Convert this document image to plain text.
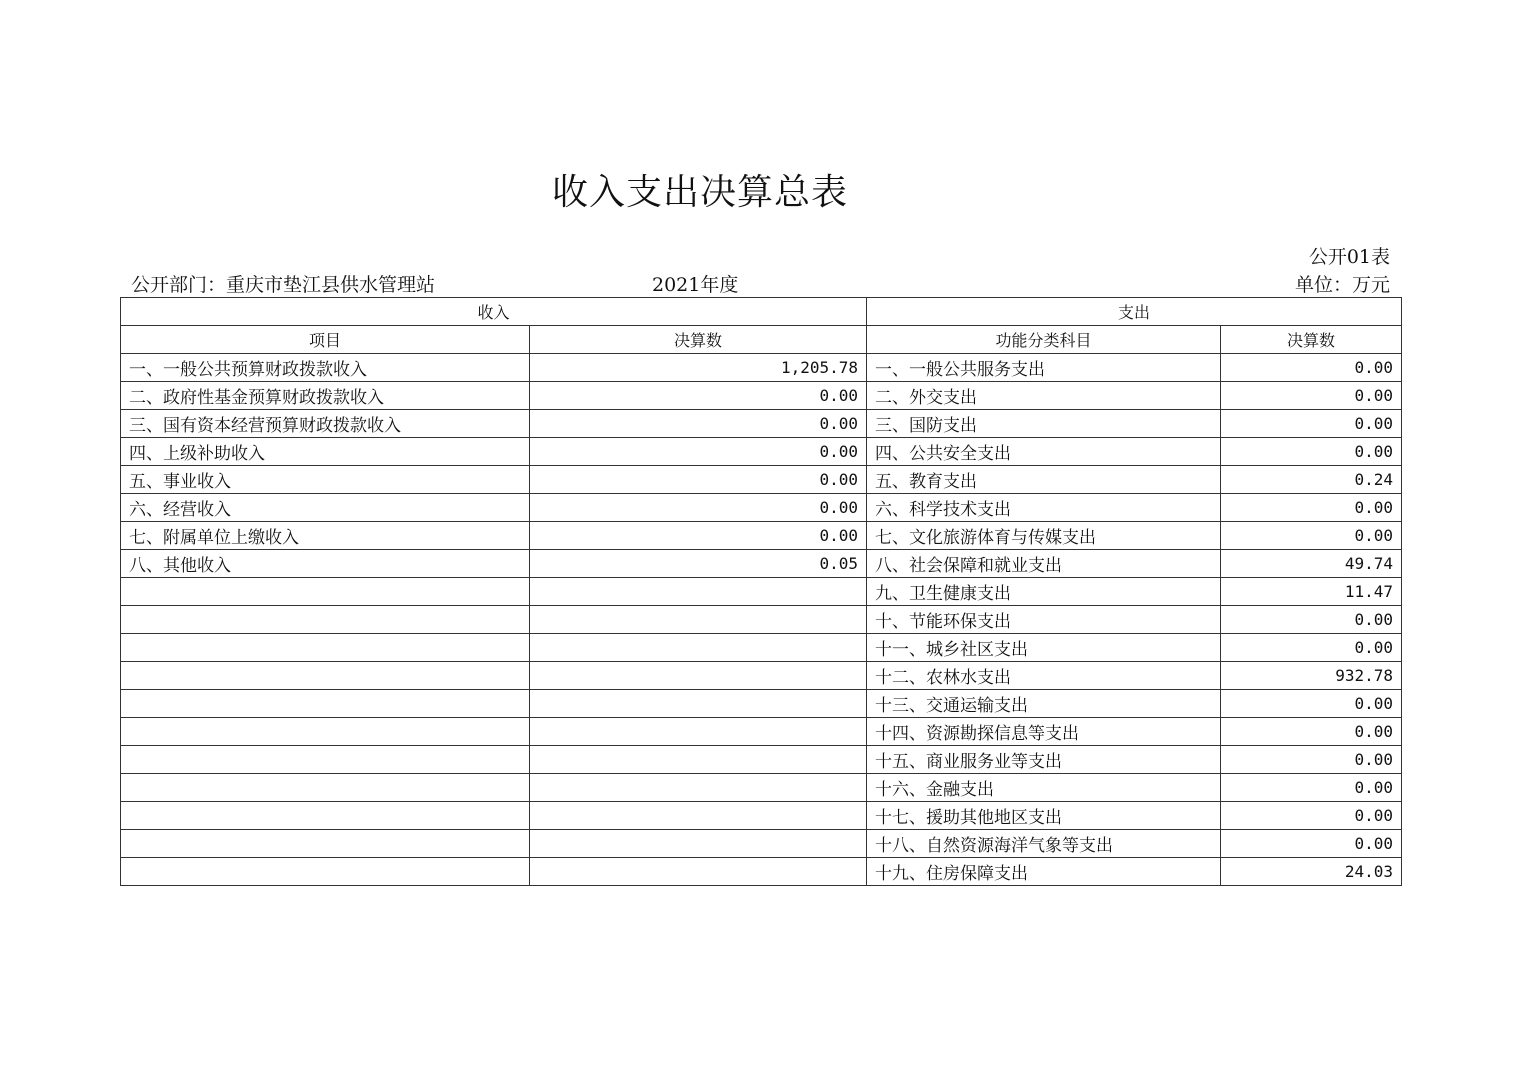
收入支出决算总表
公开01表
公开部门：重庆市垫江县供水管理站	2021年度	单位：万元
收入		支出	
项目	决算数	功能分类科目	决算数
一、一般公共预算财政拨款收入	1,205.78	一、一般公共服务支出	0.00
二、政府性基金预算财政拨款收入	0.00	二、外交支出	0.00
三、国有资本经营预算财政拨款收入	0.00	三、国防支出	0.00
四、上级补助收入	0.00	四、公共安全支出	0.00
五、事业收入	0.00	五、教育支出	0.24
六、经营收入	0.00	六、科学技术支出	0.00
七、附属单位上缴收入	0.00	七、文化旅游体育与传媒支出	0.00
八、其他收入	0.05	八、社会保障和就业支出	49.74
		九、卫生健康支出	11.47
		十、节能环保支出	0.00
		十一、城乡社区支出	0.00
		十二、农林水支出	932.78
		十三、交通运输支出	0.00
		十四、资源勘探信息等支出	0.00
		十五、商业服务业等支出	0.00
		十六、金融支出	0.00
		十七、援助其他地区支出	0.00
		十八、自然资源海洋气象等支出	0.00
		十九、住房保障支出	24.03
